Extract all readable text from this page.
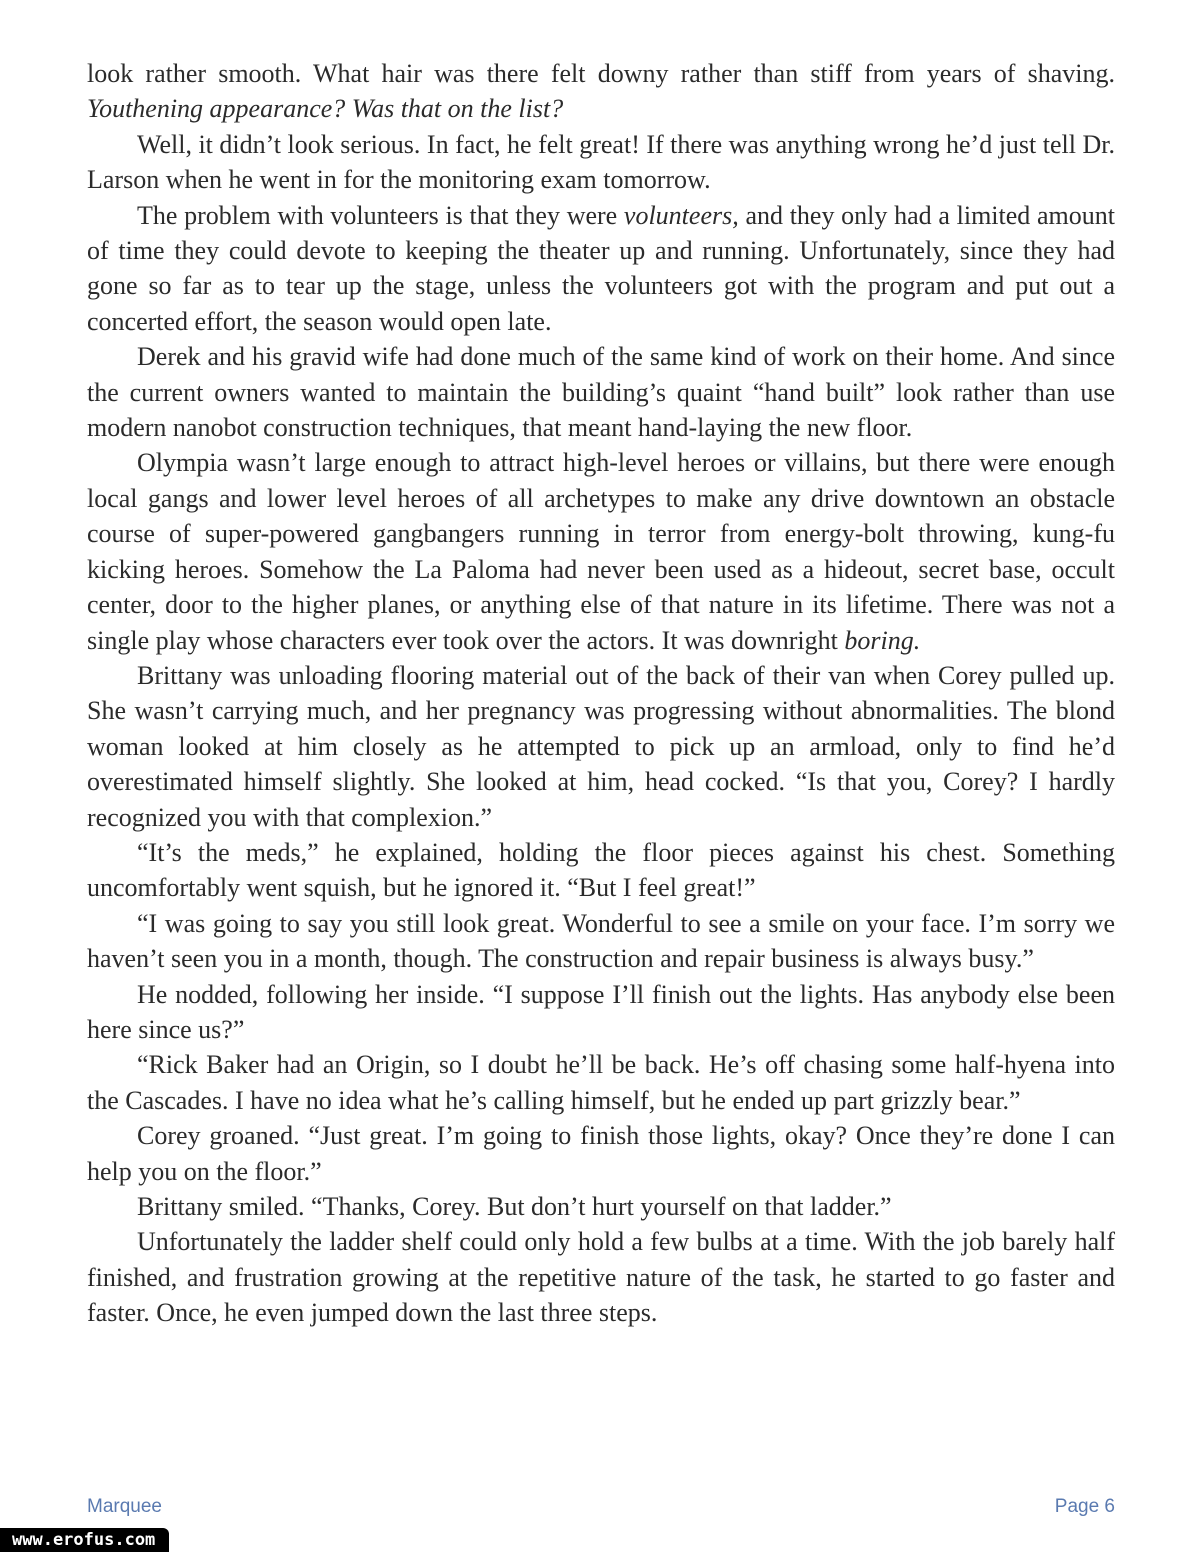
look rather smooth. What hair was there felt downy rather than stiff from years of shaving. Youthening appearance? Was that on the list?

Well, it didn’t look serious. In fact, he felt great! If there was anything wrong he’d just tell Dr. Larson when he went in for the monitoring exam tomorrow.

The problem with volunteers is that they were volunteers, and they only had a limited amount of time they could devote to keeping the theater up and running. Unfortunately, since they had gone so far as to tear up the stage, unless the volunteers got with the program and put out a concerted effort, the season would open late.

Derek and his gravid wife had done much of the same kind of work on their home. And since the current owners wanted to maintain the building’s quaint “hand built” look rather than use modern nanobot construction techniques, that meant hand-laying the new floor.

Olympia wasn’t large enough to attract high-level heroes or villains, but there were enough local gangs and lower level heroes of all archetypes to make any drive downtown an obstacle course of super-powered gangbangers running in terror from energy-bolt throwing, kung-fu kicking heroes. Somehow the La Paloma had never been used as a hideout, secret base, occult center, door to the higher planes, or anything else of that nature in its lifetime. There was not a single play whose characters ever took over the actors. It was downright boring.

Brittany was unloading flooring material out of the back of their van when Corey pulled up. She wasn’t carrying much, and her pregnancy was progressing without abnormalities. The blond woman looked at him closely as he attempted to pick up an armload, only to find he’d overestimated himself slightly. She looked at him, head cocked. “Is that you, Corey? I hardly recognized you with that complexion.”

“It’s the meds,” he explained, holding the floor pieces against his chest. Something uncomfortably went squish, but he ignored it. “But I feel great!”

“I was going to say you still look great. Wonderful to see a smile on your face. I’m sorry we haven’t seen you in a month, though. The construction and repair business is always busy.”

He nodded, following her inside. “I suppose I’ll finish out the lights. Has anybody else been here since us?”

“Rick Baker had an Origin, so I doubt he’ll be back. He’s off chasing some half-hyena into the Cascades. I have no idea what he’s calling himself, but he ended up part grizzly bear.”

Corey groaned. “Just great. I’m going to finish those lights, okay? Once they’re done I can help you on the floor.”

Brittany smiled. “Thanks, Corey. But don’t hurt yourself on that ladder.”

Unfortunately the ladder shelf could only hold a few bulbs at a time. With the job barely half finished, and frustration growing at the repetitive nature of the task, he started to go faster and faster. Once, he even jumped down the last three steps.

Marquee	Page 6
www.erofus.com
